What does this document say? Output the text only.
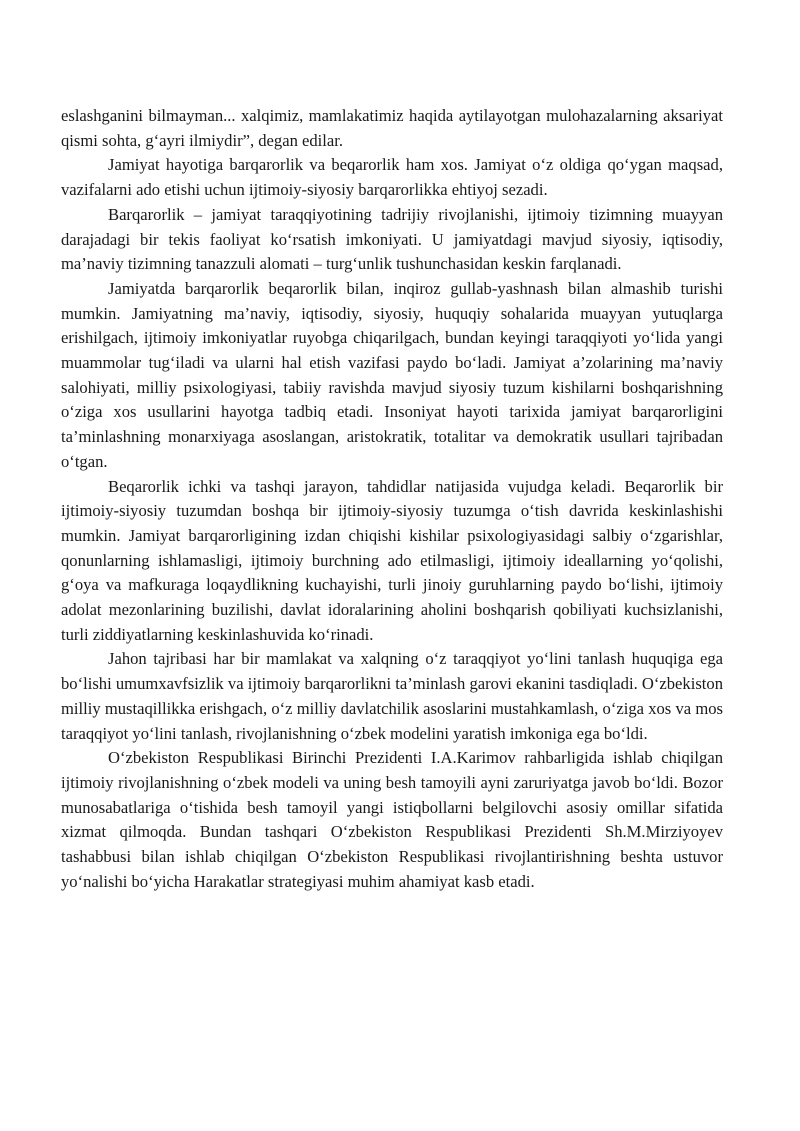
eslashganini bilmayman... xalqimiz, mamlakatimiz haqida aytilayotgan mulohazalarning aksariyat qismi sohta, g‘ayri ilmiydir”, degan edilar.

Jamiyat hayotiga barqarorlik va beqarorlik ham xos. Jamiyat o‘z oldiga qo‘ygan maqsad, vazifalarni ado etishi uchun ijtimoiy-siyosiy barqarorlikka ehtiyoj sezadi.

Barqarorlik – jamiyat taraqqiyotining tadrijiy rivojlanishi, ijtimoiy tizimning muayyan darajadagi bir tekis faoliyat ko‘rsatish imkoniyati. U jamiyatdagi mavjud siyosiy, iqtisodiy, ma’naviy tizimning tanazzuli alomati – turg‘unlik tushunchasidan keskin farqlanadi.

Jamiyatda barqarorlik beqarorlik bilan, inqiroz gullab-yashnash bilan almashib turishi mumkin. Jamiyatning ma’naviy, iqtisodiy, siyosiy, huquqiy sohalarida muayyan yutuqlarga erishilgach, ijtimoiy imkoniyatlar ruyobga chiqarilgach, bundan keyingi taraqqiyoti yo‘lida yangi muammolar tug‘iladi va ularni hal etish vazifasi paydo bo‘ladi. Jamiyat a’zolarining ma’naviy salohiyati, milliy psixologiyasi, tabiiy ravishda mavjud siyosiy tuzum kishilarni boshqarishning o‘ziga xos usullarini hayotga tadbiq etadi. Insoniyat hayoti tarixida jamiyat barqarorligini ta’minlashning monarxiyaga asoslangan, aristokratik, totalitar va demokratik usullari tajribadan o‘tgan.

Beqarorlik ichki va tashqi jarayon, tahdidlar natijasida vujudga keladi. Beqarorlik bir ijtimoiy-siyosiy tuzumdan boshqa bir ijtimoiy-siyosiy tuzumga o‘tish davrida keskinlashishi mumkin. Jamiyat barqarorligining izdan chiqishi kishilar psixologiyasidagi salbiy o‘zgarishlar, qonunlarning ishlamasligi, ijtimoiy burchning ado etilmasligi, ijtimoiy ideallarning yo‘qolishi, g‘oya va mafkuraga loqaydlikning kuchayishi, turli jinoiy guruhlarning paydo bo‘lishi, ijtimoiy adolat mezonlarining buzilishi, davlat idoralarining aholini boshqarish qobiliyati kuchsizlanishi, turli ziddiyatlarning keskinlashuvida ko‘rinadi.

Jahon tajribasi har bir mamlakat va xalqning o‘z taraqqiyot yo‘lini tanlash huquqiga ega bo‘lishi umumxavfsizlik va ijtimoiy barqarorlikni ta’minlash garovi ekanini tasdiqladi. O‘zbekiston milliy mustaqillikka erishgach, o‘z milliy davlatchilik asoslarini mustahkamlash, o‘ziga xos va mos taraqqiyot yo‘lini tanlash, rivojlanishning o‘zbek modelini yaratish imkoniga ega bo‘ldi.

O‘zbekiston Respublikasi Birinchi Prezidenti I.A.Karimov rahbarligida ishlab chiqilgan ijtimoiy rivojlanishning o‘zbek modeli va uning besh tamoyili ayni zaruriyatga javob bo‘ldi. Bozor munosabatlariga o‘tishida besh tamoyil yangi istiqbollarni belgilovchi asosiy omillar sifatida xizmat qilmoqda. Bundan tashqari O‘zbekiston Respublikasi Prezidenti Sh.M.Mirziyoyev tashabbusi bilan ishlab chiqilgan O‘zbekiston Respublikasi rivojlantirishning beshta ustuvor yo‘nalishi bo‘yicha Harakatlar strategiyasi muhim ahamiyat kasb etadi.
